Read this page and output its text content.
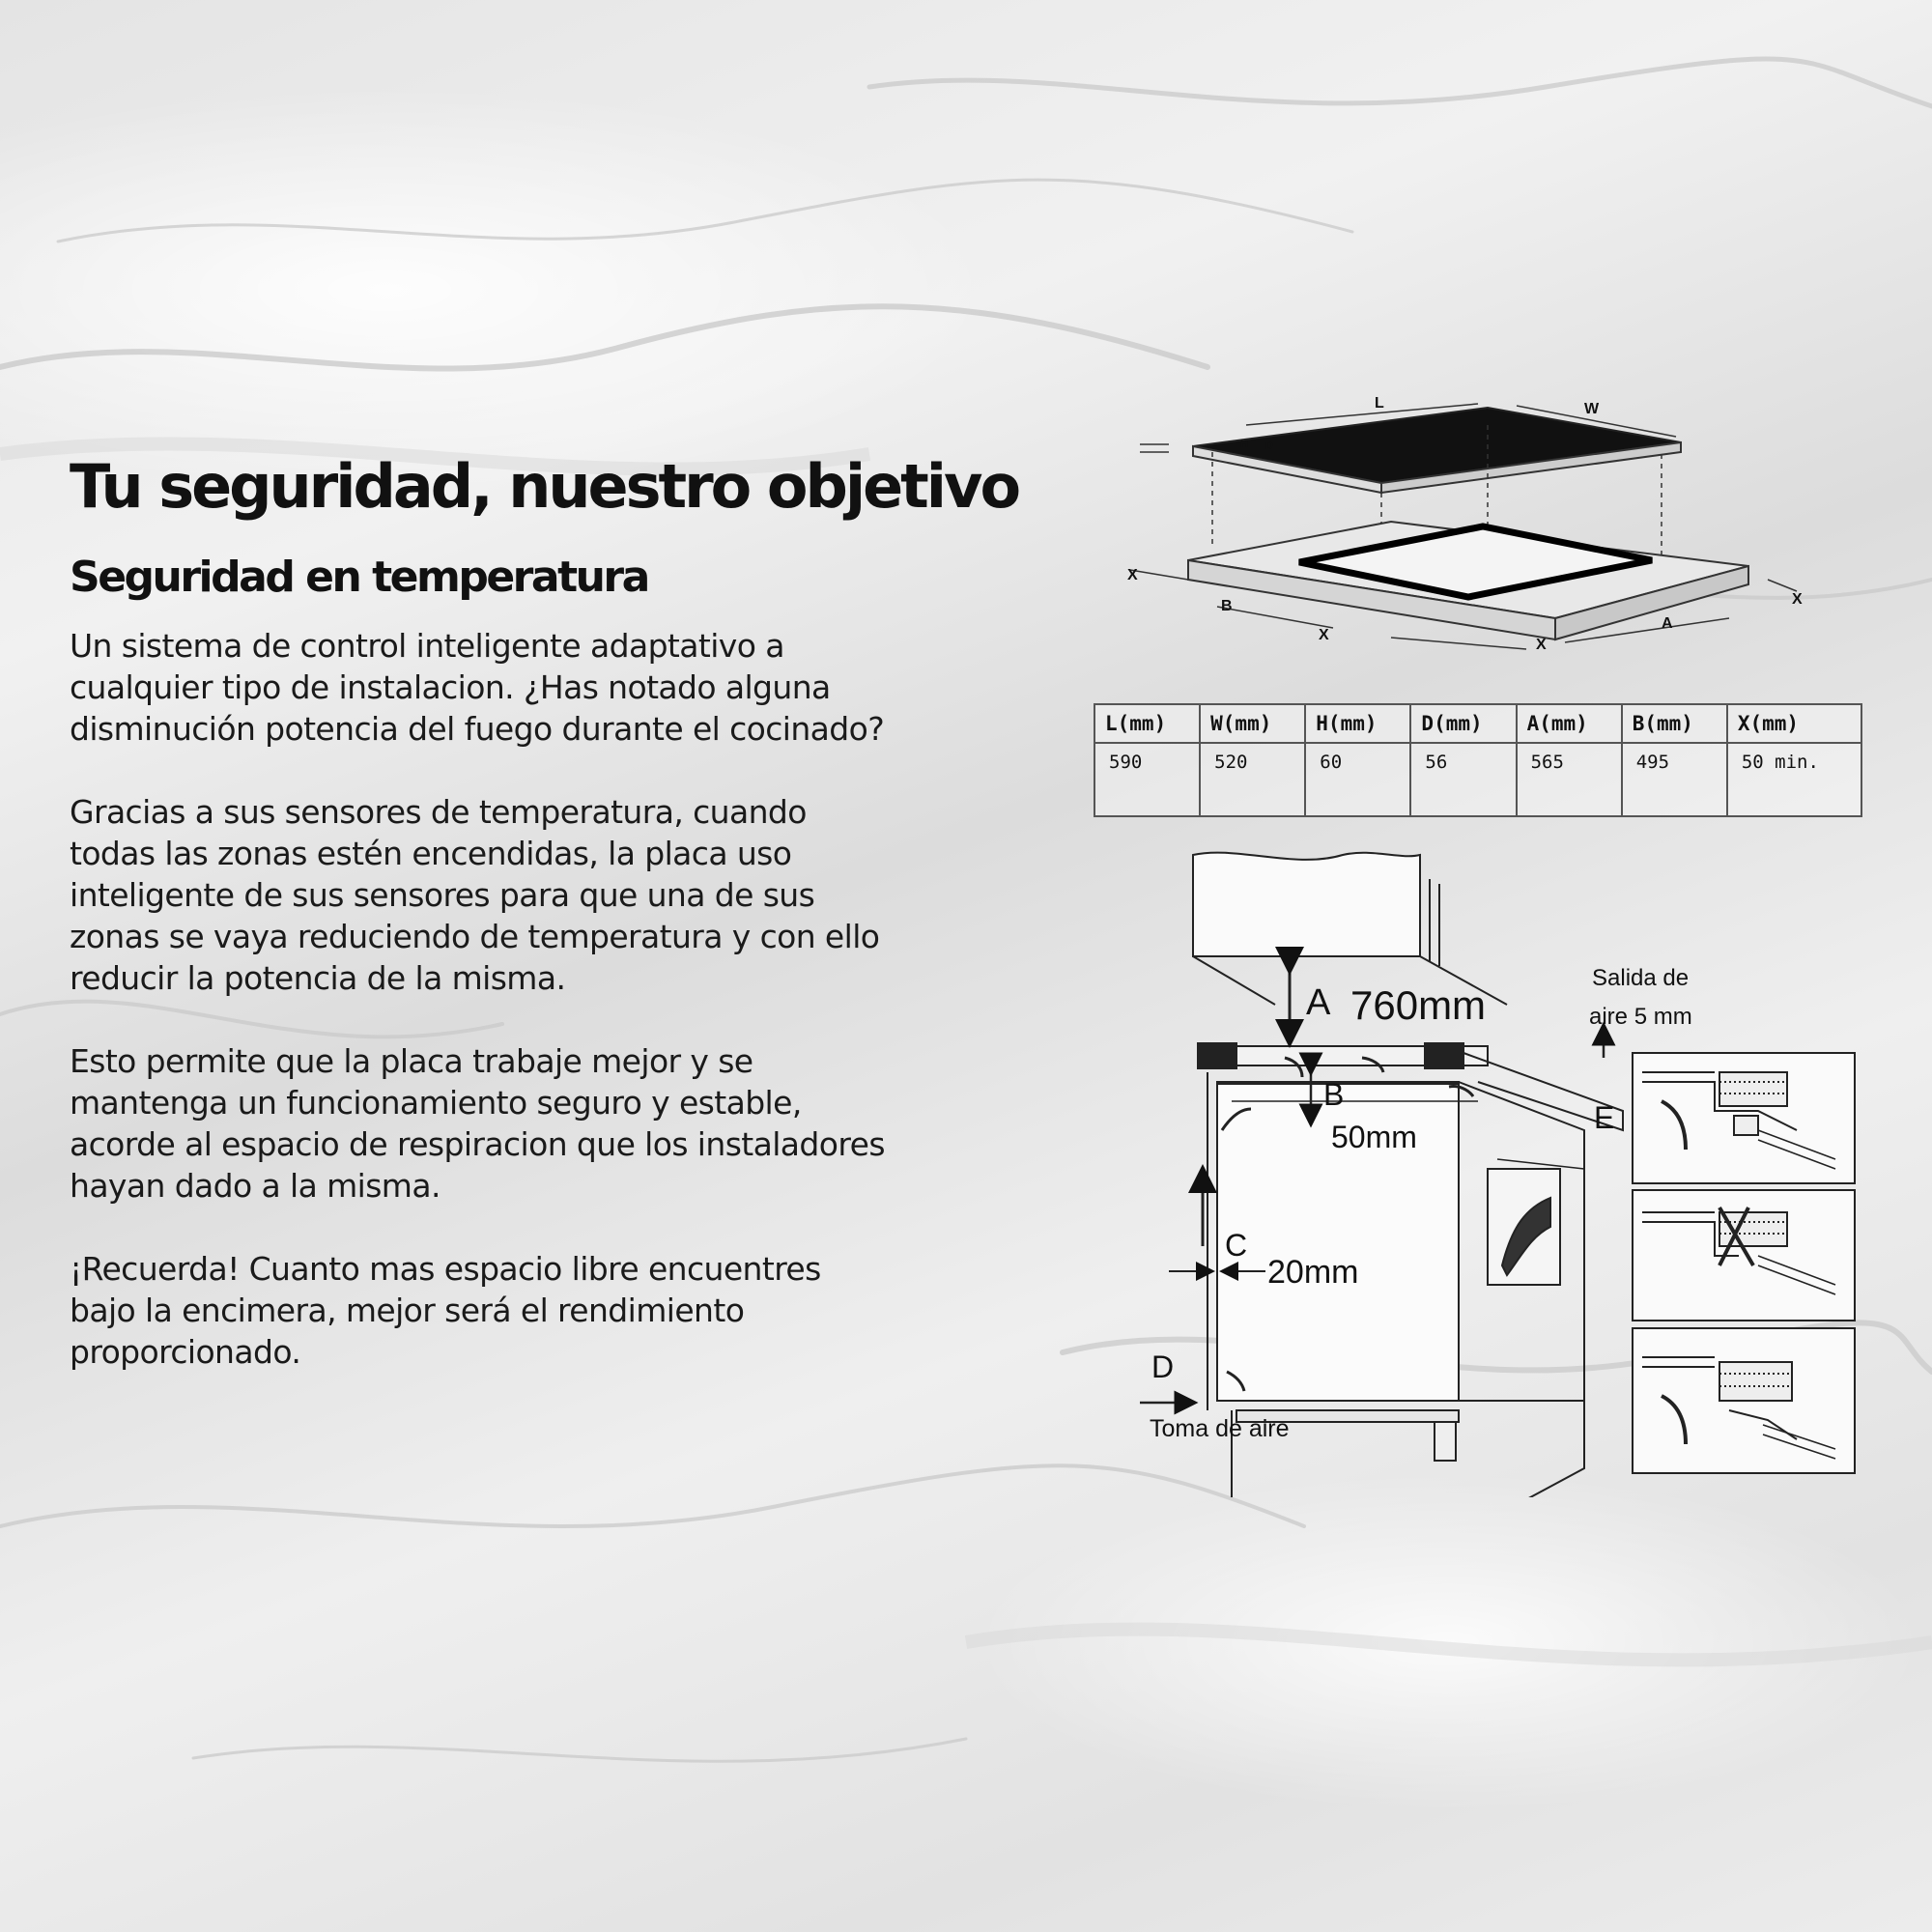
Tu seguridad, nuestro objetivo
Seguridad en temperatura

Un sistema de control inteligente adaptativo a
cualquier tipo de instalacion. ¿Has notado alguna
disminución potencia del fuego durante el cocinado?

Gracias a sus sensores de temperatura, cuando
todas las zonas estén encendidas, la placa uso
inteligente de sus sensores para que una de sus
zonas se vaya reduciendo de temperatura y con ello
reducir la potencia de la misma.

Esto permite que la placa trabaje mejor y se
mantenga un funcionamiento seguro y estable,
acorde al espacio de respiracion que los instaladores
hayan dado a la misma.

¡Recuerda! Cuanto mas espacio libre encuentres
bajo la encimera, mejor será el rendimiento
proporcionado.

L	W
H D
X
B
X
X
A
X
L(mm)	W(mm)	H(mm)	D(mm)	A(mm)	B(mm)	X(mm)
590	520	60	56	565	495	50 min.
A 760mm
B
50mm
C
20mm
D
Toma de aire
E
Salida de
aire 5 mm
